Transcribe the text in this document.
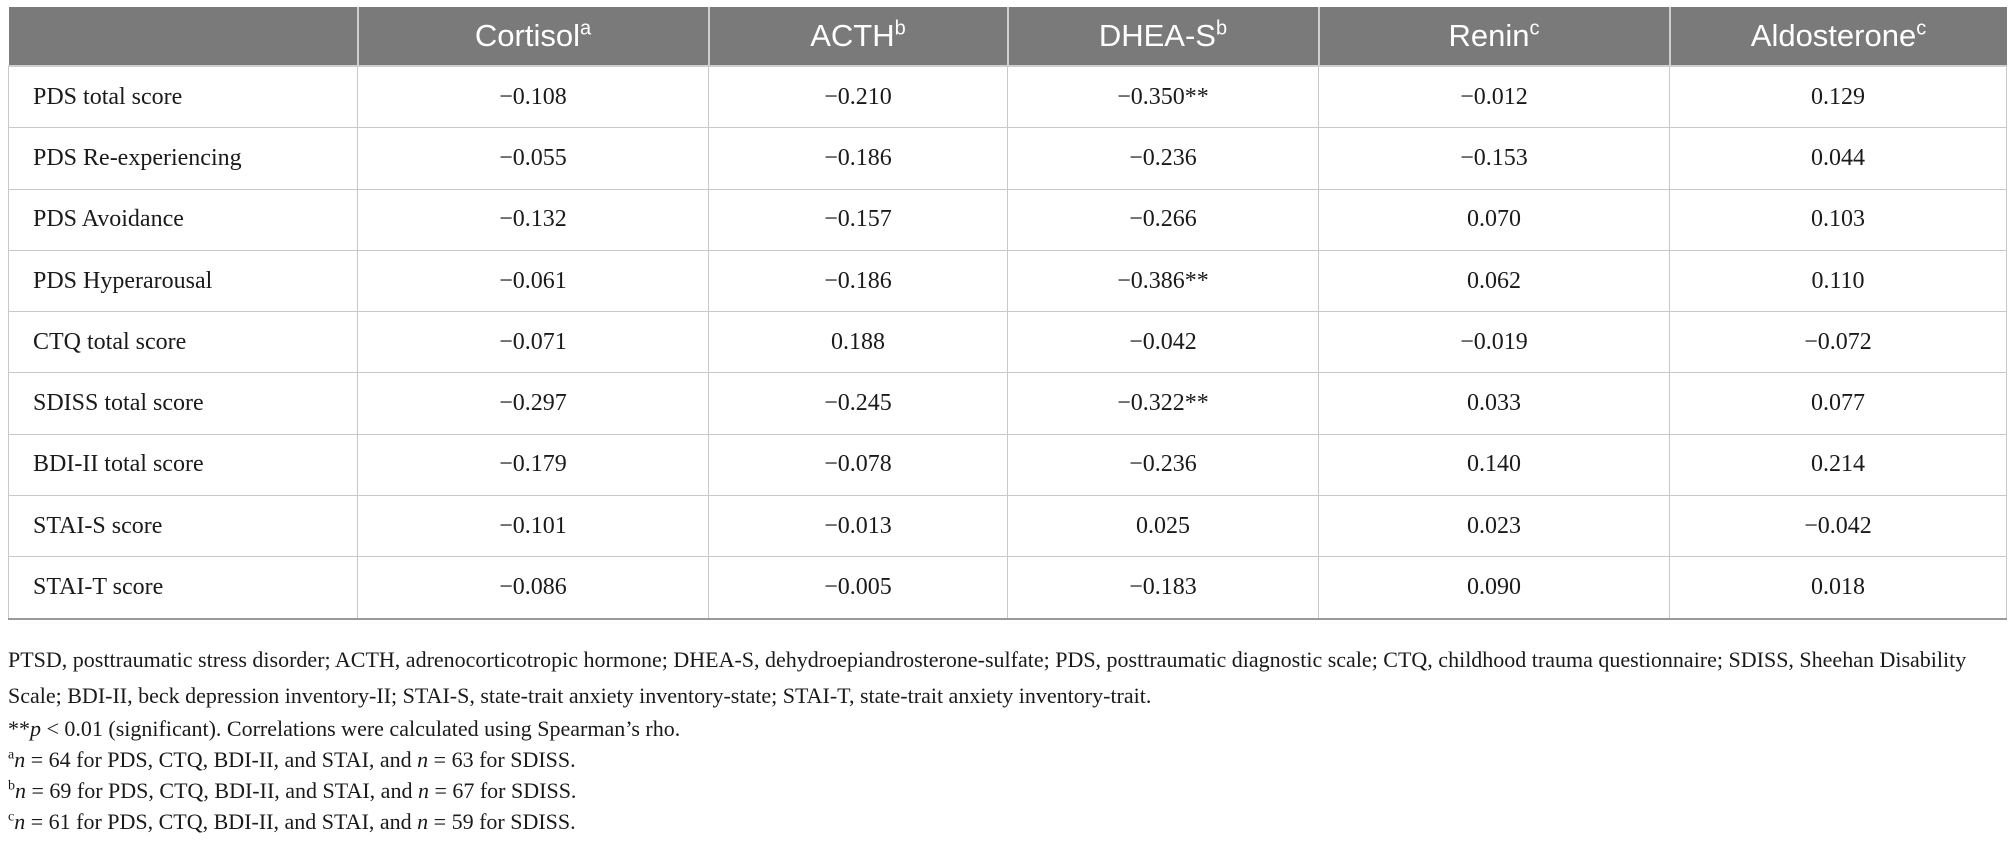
	Cortisol$^a$	ACTH$^b$	DHEA-$S^b$	Renin$^c$	Aldosterone$^c$
PDS total score	−0.108	−0.210	−0.350**	−0.012	0.129
PDS Re-experiencing	−0.055	−0.186	−0.236	−0.153	0.044
PDS Avoidance	−0.132	−0.157	−0.266	0.070	0.103
PDS Hyperarousal	−0.061	−0.186	−0.386**	0.062	0.110
CTQ total score	−0.071	0.188	−0.042	−0.019	−0.072
SDISS total score	−0.297	−0.245	−0.322**	0.033	0.077
BDI-II total score	−0.179	−0.078	−0.236	0.140	0.214
STAI-S score	−0.101	−0.013	0.025	0.023	−0.042
STAI-T score	−0.086	−0.005	−0.183	0.090	0.018

PTSD, posttraumatic stress disorder; ACTH, adrenocorticotropic hormone; DHEA-S, dehydroepiandrosterone-sulfate; PDS, posttraumatic diagnostic scale; CTQ, childhood trauma questionnaire; SDISS, Sheehan Disability Scale; BDI-II, beck depression inventory-II; STAI-S, state-trait anxiety inventory-state; STAI-T, state-trait anxiety inventory-trait.

**p < 0.01 (significant). Correlations were calculated using Spearman’s rho.

$^a$n = 64 for PDS, CTQ, BDI-II, and STAI, and n = 63 for SDISS.

$^b$n = 69 for PDS, CTQ, BDI-II, and STAI, and n = 67 for SDISS.

$^c$n = 61 for PDS, CTQ, BDI-II, and STAI, and n = 59 for SDISS.
